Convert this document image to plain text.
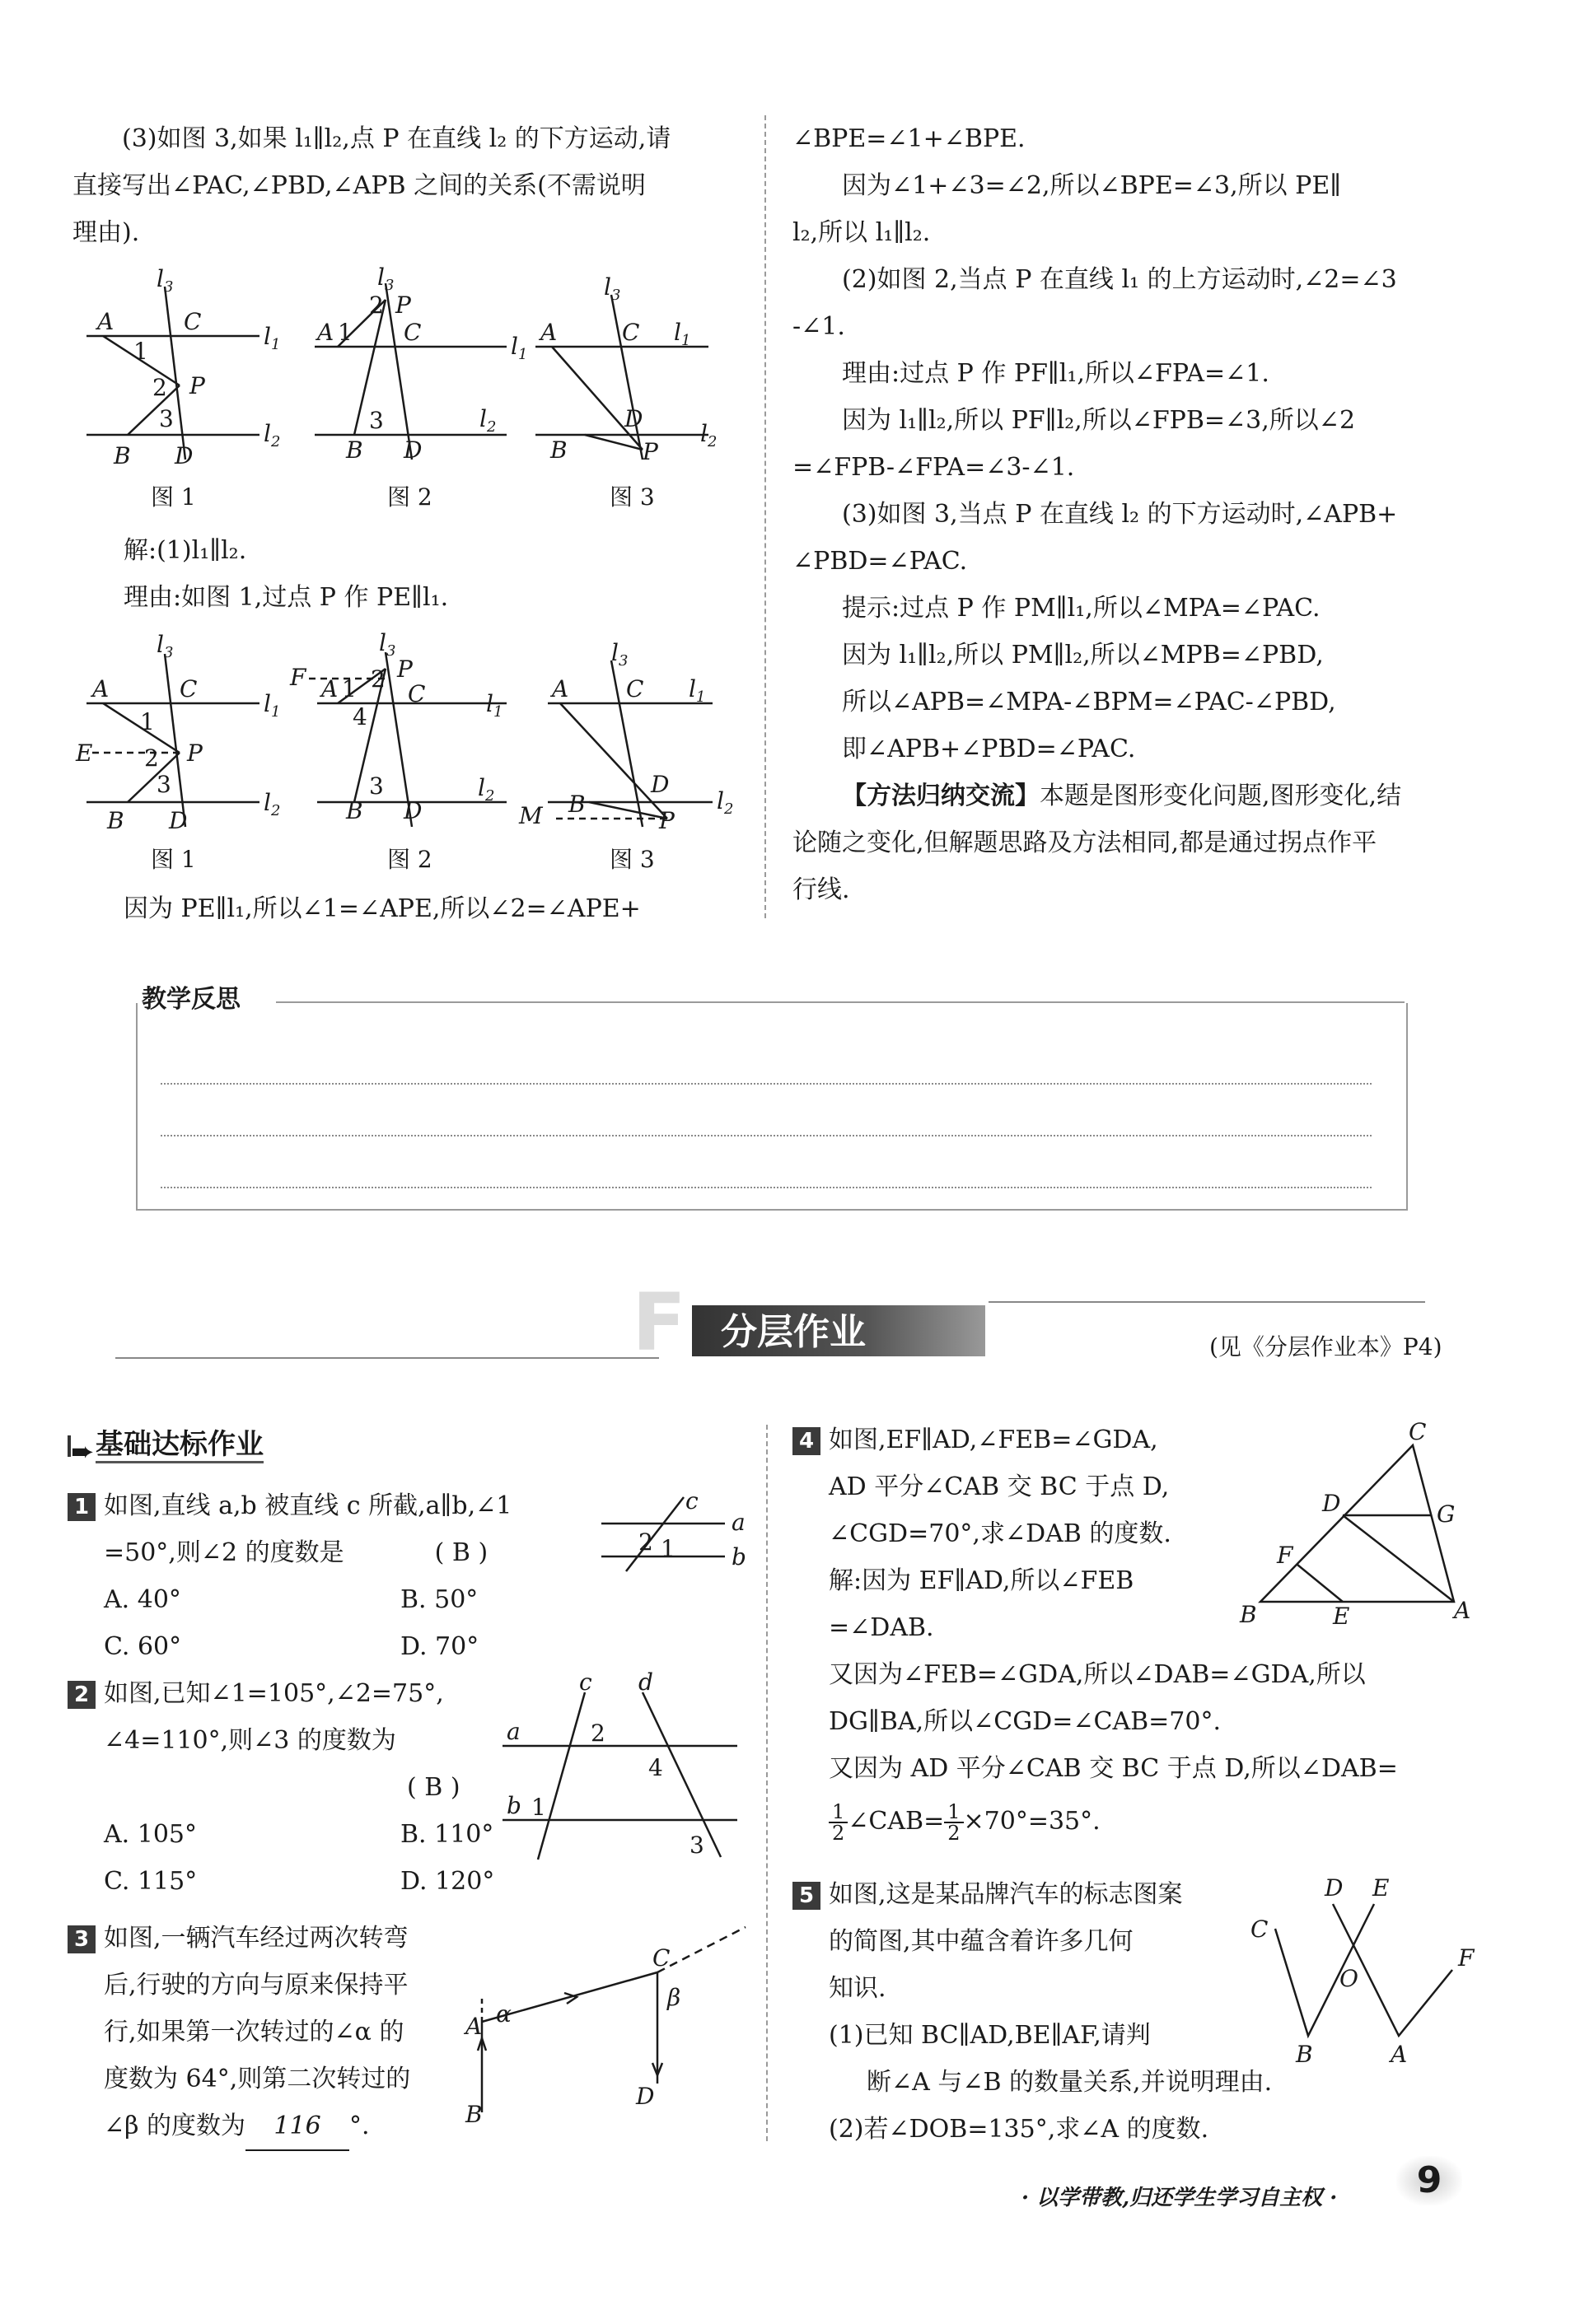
(3)如图 3,如果 l₁∥l₂,点 P 在直线 l₂ 的下方运动,请

直接写出∠PAC,∠PBD,∠APB 之间的关系(不需说明

理由).

A	C
$l_1$
$l_3$
1
2 P
3
B D
$l_2$
$l_3$
2 P
A 1 C
$l_1$
3
B D
$l_2$
$l_3$
A	C $l_1$
D
P
B
$l_2$
图 1	图 2	图 3

解:(1)l₁∥l₂.

理由:如图 1,过点 P 作 PE∥l₁.

$l_3$
A	C
$l_1$
1
E 2 P
3
B D
$l_2$
$l_3$
F A 1 2 P
C
4	$l_1$
3
B D
$l_2$
$l_3$
A C $l_1$
D
P
M B	$l_2$
图 1	图 2	图 3

因为 PE∥l₁,所以∠1=∠APE,所以∠2=∠APE+

∠BPE=∠1+∠BPE.

因为∠1+∠3=∠2,所以∠BPE=∠3,所以 PE∥

l₂,所以 l₁∥l₂.

(2)如图 2,当点 P 在直线 l₁ 的上方运动时,∠2=∠3

-∠1.

理由:过点 P 作 PF∥l₁,所以∠FPA=∠1.

因为 l₁∥l₂,所以 PF∥l₂,所以∠FPB=∠3,所以∠2

=∠FPB-∠FPA=∠3-∠1.

(3)如图 3,当点 P 在直线 l₂ 的下方运动时,∠APB+

∠PBD=∠PAC.

提示:过点 P 作 PM∥l₁,所以∠MPA=∠PAC.

因为 l₁∥l₂,所以 PM∥l₂,所以∠MPB=∠PBD,

所以∠APB=∠MPA-∠BPM=∠PAC-∠PBD,

即∠APB+∠PBD=∠PAC.

【方法归纳交流】本题是图形变化问题,图形变化,结

论随之变化,但解题思路及方法相同,都是通过拐点作平

行线.

教学反思
F 分层作业	(见《分层作业本》P4)
➨基础达标作业

1 如图,直线 a,b 被直线 c 所截,a∥b,∠1

=50°,则∠2 的度数是	( B )

A. 40°	B. 50°

C. 60°	D. 70°

c
a
b
2 1

2 如图,已知∠1=105°,∠2=75°,

∠4=110°,则∠3 的度数为

( B )

A. 105°	B. 110°

C. 115°	D. 120°

c d
a
b
2
4
1
3

3 如图,一辆汽车经过两次转弯

后,行驶的方向与原来保持平

行,如果第一次转过的∠α 的

度数为 64°,则第二次转过的

∠β 的度数为 116 °.

α
β
A
B
C
D

4 如图,EF∥AD,∠FEB=∠GDA,

AD 平分∠CAB 交 BC 于点 D,

∠CGD=70°,求∠DAB 的度数.

解:因为 EF∥AD,所以∠FEB

=∠DAB.

又因为∠FEB=∠GDA,所以∠DAB=∠GDA,所以

DG∥BA,所以∠CGD=∠CAB=70°.

又因为 AD 平分∠CAB 交 BC 于点 D,所以∠DAB=

$\frac{1}{2}$ ∠CAB= $\frac{1}{2} \times 70^\circ=35^\circ$.

C
D	G
F
B	E	A

5 如图,这是某品牌汽车的标志图案

的简图,其中蕴含着许多几何

知识.

(1)已知 BC∥AD,BE∥AF,请判

断∠A 与∠B 的数量关系,并说明理由.

(2)若∠DOB=135°,求∠A 的度数.

D E
C
O
F
B	A
· 以学带教,归还学生学习自主权 ·	9
